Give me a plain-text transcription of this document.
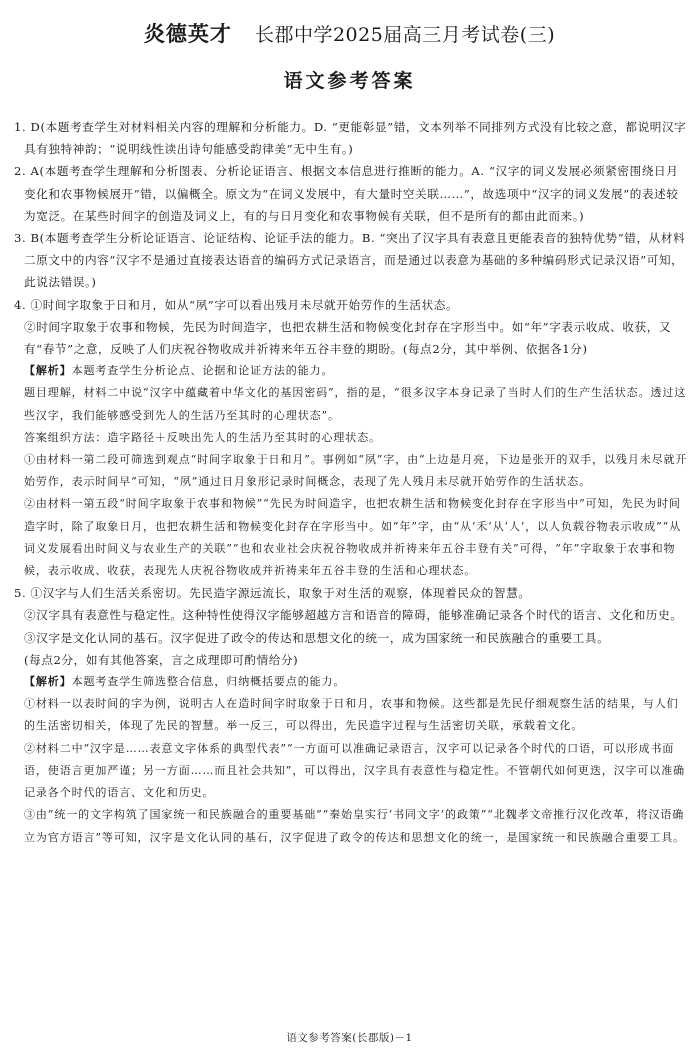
炎德英才 长郡中学2025届高三月考试卷(三)
语文参考答案

1. D(本题考查学生对材料相关内容的理解和分析能力。D. “更能彰显”错，文本列举不同排列方式没有比较之意，都说明汉字具有独特神韵；“说明线性读出诗句能感受韵律美”无中生有。)

2. A(本题考查学生理解和分析图表、分析论证语言、根据文本信息进行推断的能力。A. “汉字的词义发展必须紧密围绕日月变化和农事物候展开”错，以偏概全。原文为“在词义发展中，有大量时空关联……”，故选项中“汉字的词义发展”的表述较为宽泛。在某些时间字的创造及词义上，有的与日月变化和农事物候有关联，但不是所有的都由此而来。)

3. B(本题考查学生分析论证语言、论证结构、论证手法的能力。B. “突出了汉字具有表意且更能表音的独特优势”错，从材料二原文中的内容“汉字不是通过直接表达语音的编码方式记录语言，而是通过以表意为基础的多种编码形式记录汉语”可知，此说法错误。)

4. ①时间字取象于日和月，如从“夙”字可以看出残月未尽就开始劳作的生活状态。

②时间字取象于农事和物候，先民为时间造字，也把农耕生活和物候变化封存在字形当中。如“年”字表示收成、收获，又有“春节”之意，反映了人们庆祝谷物收成并祈祷来年五谷丰登的期盼。(每点2分，其中举例、依据各1分)

【解析】本题考查学生分析论点、论据和论证方法的能力。

题目理解，材料二中说“汉字中蕴藏着中华文化的基因密码”，指的是，“很多汉字本身记录了当时人们的生产生活状态。透过这些汉字，我们能够感受到先人的生活乃至其时的心理状态”。

答案组织方法：造字路径＋反映出先人的生活乃至其时的心理状态。

①由材料一第二段可筛选到观点“时间字取象于日和月”。事例如“夙”字，由“上边是月亮，下边是张开的双手，以残月未尽就开始劳作，表示时间早”可知，“夙”通过日月象形记录时间概念，表现了先人残月未尽就开始劳作的生活状态。

②由材料一第五段“时间字取象于农事和物候”“先民为时间造字，也把农耕生活和物候变化封存在字形当中”可知，先民为时间造字时，除了取象日月，也把农耕生活和物候变化封存在字形当中。如“年”字，由“从‘禾’从‘人’，以人负载谷物表示收成”“从词义发展看出时间义与农业生产的关联”“也和农业社会庆祝谷物收成并祈祷来年五谷丰登有关”可得，“年”字取象于农事和物候，表示收成、收获，表现先人庆祝谷物收成并祈祷来年五谷丰登的生活和心理状态。

5. ①汉字与人们生活关系密切。先民造字源远流长，取象于对生活的观察，体现着民众的智慧。

②汉字具有表意性与稳定性。这种特性使得汉字能够超越方言和语音的障碍，能够准确记录各个时代的语言、文化和历史。

③汉字是文化认同的基石。汉字促进了政令的传达和思想文化的统一，成为国家统一和民族融合的重要工具。

(每点2分，如有其他答案，言之成理即可酌情给分)

【解析】本题考查学生筛选整合信息，归纳概括要点的能力。

①材料一以表时间的字为例，说明古人在造时间字时取象于日和月，农事和物候。这些都是先民仔细观察生活的结果，与人们的生活密切相关，体现了先民的智慧。举一反三，可以得出，先民造字过程与生活密切关联，承载着文化。

②材料二中“汉字是……表意文字体系的典型代表”“一方面可以准确记录语言，汉字可以记录各个时代的口语，可以形成书面语，使语言更加严谨；另一方面……而且社会共知”，可以得出，汉字具有表意性与稳定性。不管朝代如何更迭，汉字可以准确记录各个时代的语言、文化和历史。

③由“统一的文字构筑了国家统一和民族融合的重要基础”“秦始皇实行‘书同文字’的政策”“北魏孝文帝推行汉化改革，将汉语确立为官方语言”等可知，汉字是文化认同的基石，汉字促进了政令的传达和思想文化的统一，是国家统一和民族融合重要工具。

语文参考答案(长郡版)－1
